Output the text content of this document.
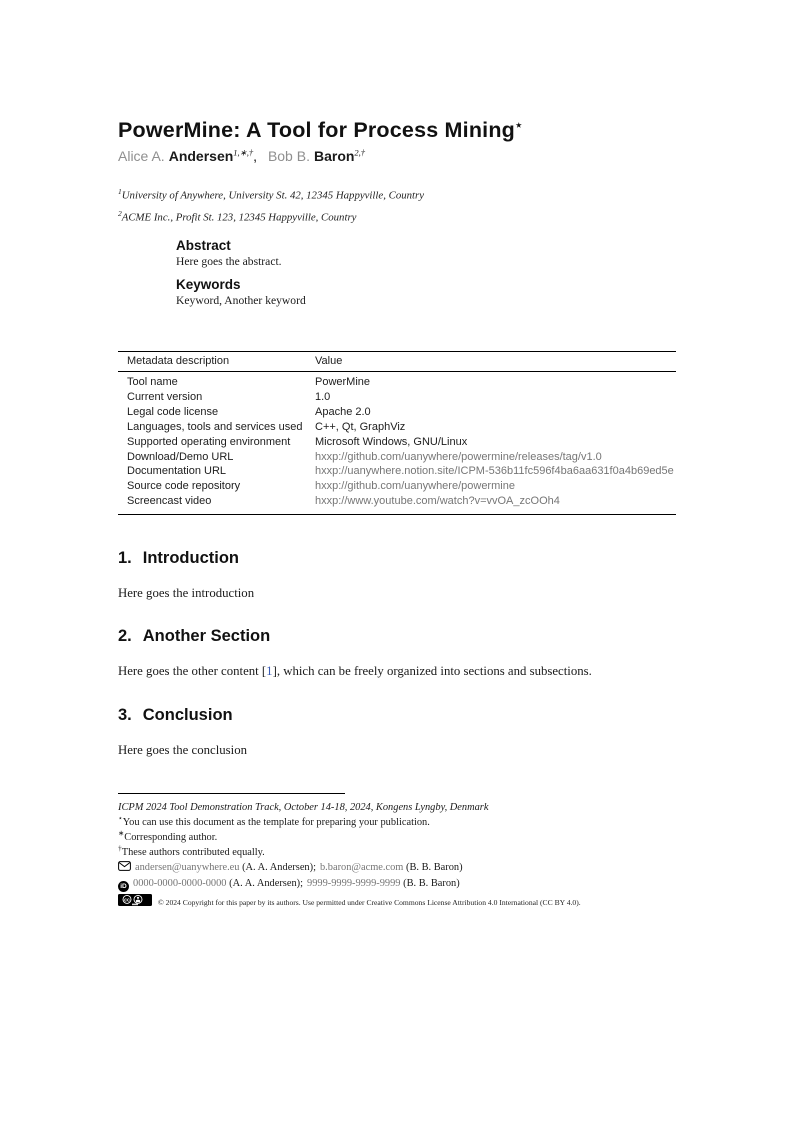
PowerMine: A Tool for Process Mining⋆
Alice A. Andersen$^{1,∗,\dagger}$, Bob B. Baron$^{2,\dagger}$
$^1$University of Anywhere, University St. 42, 12345 Happyville, Country
$^2$ACME Inc., Profit St. 123, 12345 Happyville, Country
Abstract
Here goes the abstract.
Keywords
Keyword, Another keyword
Metadata description	Value
Tool name	PowerMine
Current version	1.0
Legal code license	Apache 2.0
Languages, tools and services used	C++, Qt, GraphViz
Supported operating environment	Microsoft Windows, GNU/Linux
Download/Demo URL	hxxp://github.com/uanywhere/powermine/releases/tag/v1.0
Documentation URL	hxxp://uanywhere.notion.site/ICPM-536b11fc596f4ba6aa631f0a4b69ed5e
Source code repository	hxxp://github.com/uanywhere/powermine
Screencast video	hxxp://www.youtube.com/watch?v=vvOA_zcOOh4
1. Introduction
Here goes the introduction
2. Another Section
Here goes the other content [1], which can be freely organized into sections and subsections.
3. Conclusion
Here goes the conclusion
ICPM 2024 Tool Demonstration Track, October 14-18, 2024, Kongens Lyngby, Denmark
⋆You can use this document as the template for preparing your publication.
∗Corresponding author.
†These authors contributed equally.
andersen@uanywhere.eu (A. A. Andersen); b.baron@acme.com (B. B. Baron)
iD 0000-0000-0000-0000 (A. A. Andersen); 9999-9999-9999-9999 (B. B. Baron)
cc	© 2024 Copyright for this paper by its authors. Use permitted under Creative Commons License Attribution 4.0 International (CC BY 4.0).
